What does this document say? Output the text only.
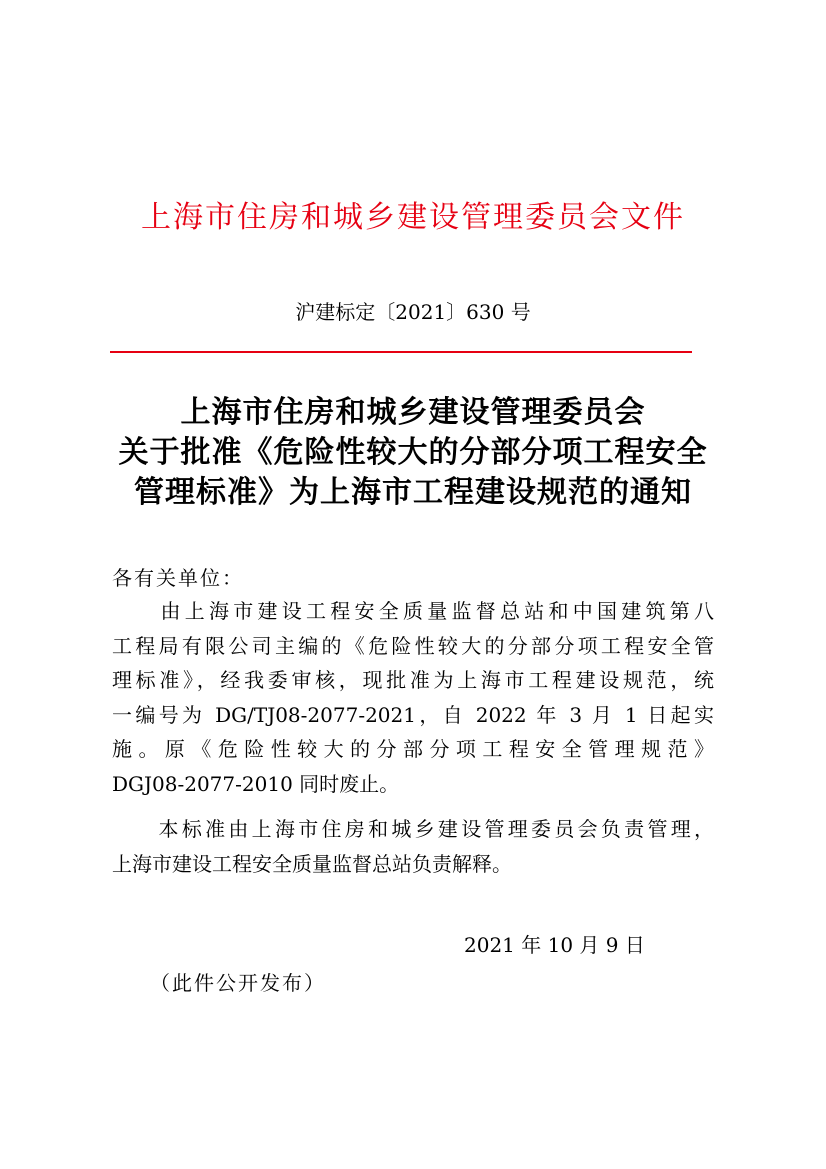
上海市住房和城乡建设管理委员会文件
沪建标定〔2021〕630 号
上海市住房和城乡建设管理委员会
关于批准《危险性较大的分部分项工程安全
管理标准》为上海市工程建设规范的通知
各有关单位：
　　由上海市建设工程安全质量监督总站和中国建筑第八
工程局有限公司主编的《危险性较大的分部分项工程安全管
理标准》，经我委审核，现批准为上海市工程建设规范，统
一编号为 DG/TJ08-2077-2021，自 2022 年 3 月 1 日起实
施。原《危险性较大的分部分项工程安全管理规范》
DGJ08-2077-2010 同时废止。
　　本标准由上海市住房和城乡建设管理委员会负责管理，
上海市建设工程安全质量监督总站负责解释。
2021 年 10 月 9 日
（此件公开发布）
